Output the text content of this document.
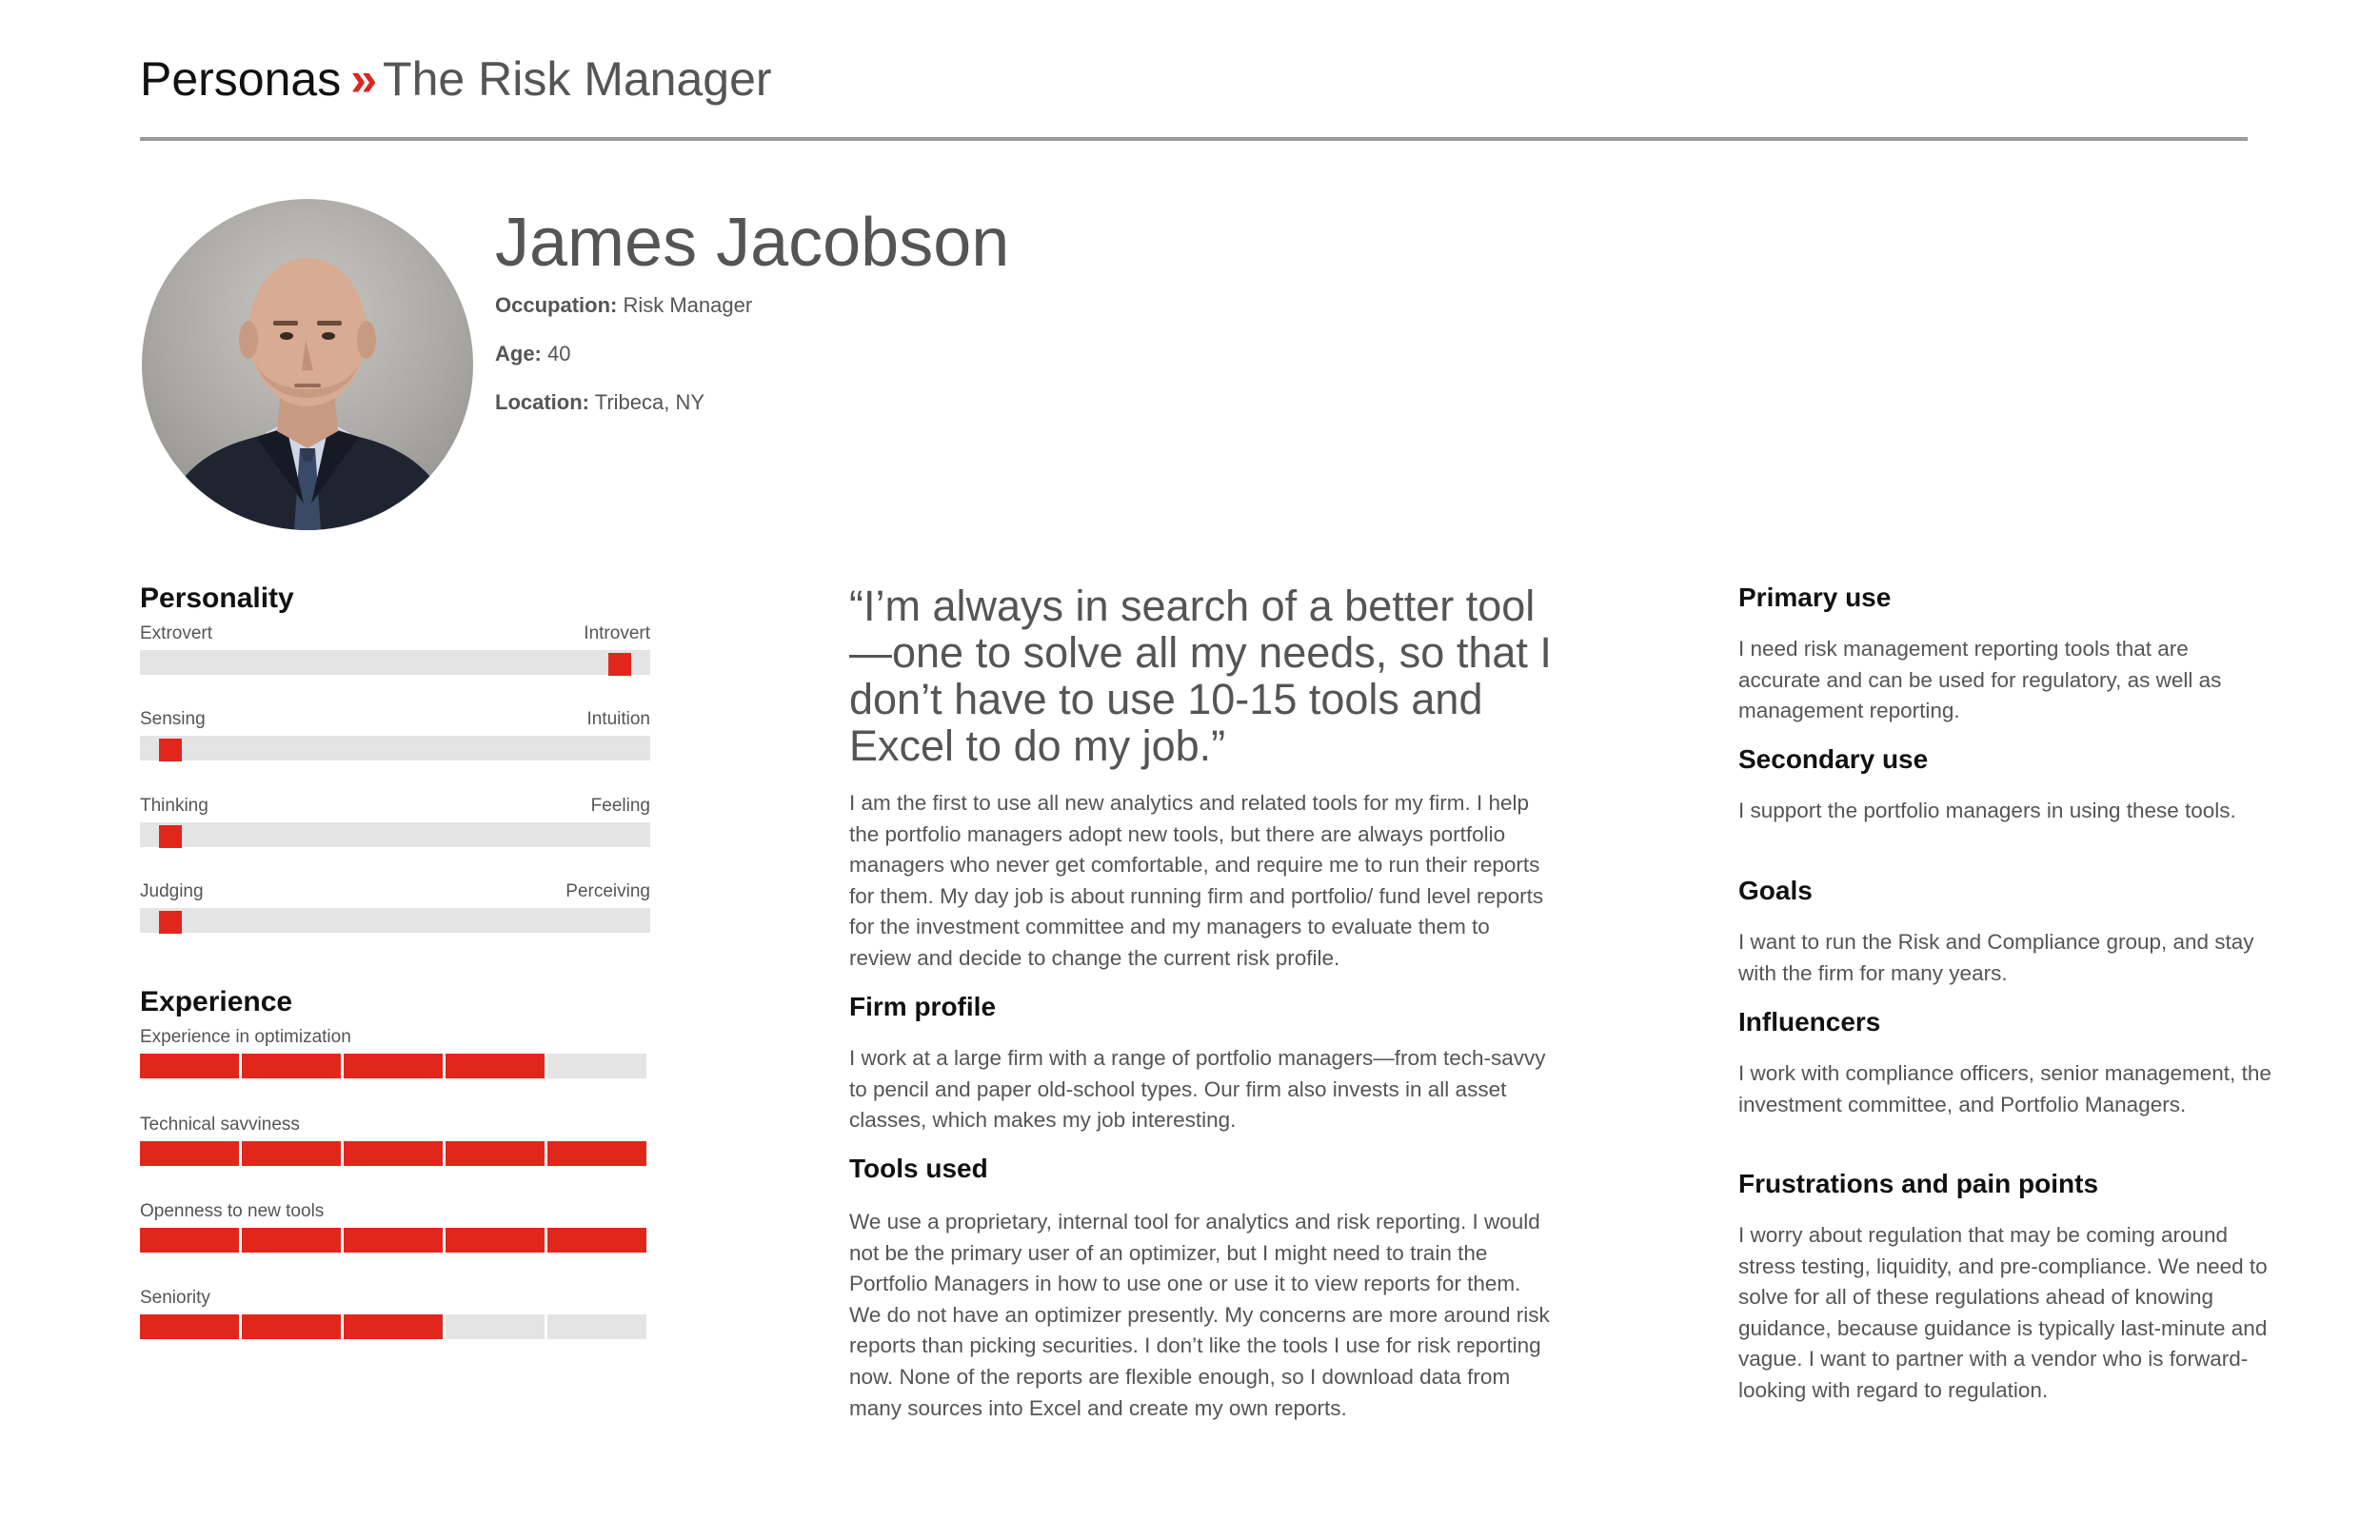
Personas » The Risk Manager
James Jacobson
Occupation: Risk Manager
Age: 40
Location: Tribeca, NY
Personality
Extrovert	Introvert
Sensing	Intuition
Thinking	Feeling
Judging	Perceiving
Experience
Experience in optimization
Technical savviness
Openness to new tools
Seniority
“I’m always in search of a better tool—one to solve all my needs, so that I don’t have to use 10-15 tools and Excel to do my job.”
I am the first to use all new analytics and related tools for my firm. I help the portfolio managers adopt new tools, but there are always portfolio managers who never get comfortable, and require me to run their reports for them. My day job is about running firm and portfolio/ fund level reports for the investment committee and my managers to evaluate them to review and decide to change the current risk profile.
Firm profile
I work at a large firm with a range of portfolio managers—from tech-savvy to pencil and paper old-school types. Our firm also invests in all asset classes, which makes my job interesting.
Tools used
We use a proprietary, internal tool for analytics and risk reporting. I would not be the primary user of an optimizer, but I might need to train the Portfolio Managers in how to use one or use it to view reports for them. We do not have an optimizer presently. My concerns are more around risk reports than picking securities. I don’t like the tools I use for risk reporting now. None of the reports are flexible enough, so I download data from many sources into Excel and create my own reports.
Primary use
I need risk management reporting tools that are accurate and can be used for regulatory, as well as management reporting.
Secondary use
I support the portfolio managers in using these tools.
Goals
I want to run the Risk and Compliance group, and stay with the firm for many years.
Influencers
I work with compliance officers, senior management, the investment committee, and Portfolio Managers.
Frustrations and pain points
I worry about regulation that may be coming around stress testing, liquidity, and pre-compliance. We need to solve for all of these regulations ahead of knowing guidance, because guidance is typically last-minute and vague. I want to partner with a vendor who is forward-looking with regard to regulation.
